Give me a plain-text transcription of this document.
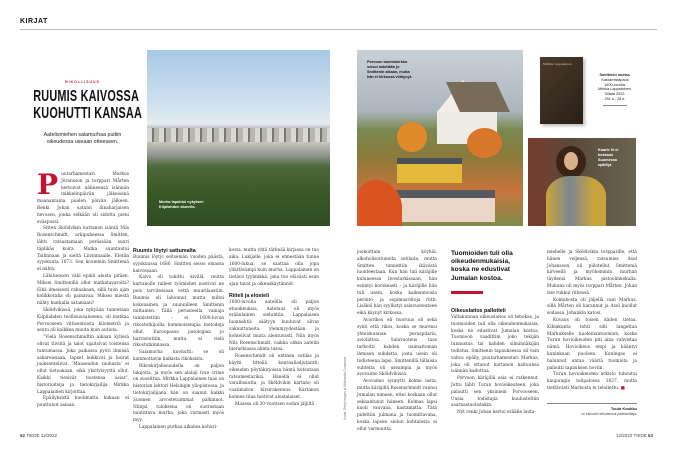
KIRJAT
RIKOLLISUUS
RUUMIS KAIVOSSA
KUOHUTTI KANSAA
Aatelismiehen salamurhaa puitiin oikeudessa useaan otteeseen.
Murha tapahtui nykyisen Kilpilahden alueella.
P uutarhamestari Markus Jöransson ja torppari Mårten kertoivat nähneensä isännän mikkelinpäivän jälkeisenä maanantaina puolen päivän jälkeen. Renki Johan satuloi liinaharjaisen hevosen, jonka selkään oli sidottu pieni eväspussi.

Sitten Sköldvikin kartanon isäntä Nils Rosenschmidt, arkipuheessa Smitten, lähti ratsastamaan perässään suuri täplikäs koira. Matka suuntautui Tallinnaan ja sieltä Liivinmaalle. Eletiin syyskuuta 1673. Sen koommin Smitteniä ei nähty.

Lähitienoon väki epäili alusta pitäen. Miksei Smittenillä ollut matkatavaroita? Eikä ilmeisesti rahaakaan, sillä tuon ajan kolikkoraha oli painavaa. Miksei miestä nähty matkalla satamaan?

Sköldvikissä, joka nykyään tunnetaan Kilpilahden teollisuusalueena, oli matkaa Porvooseen viitisentoista kilometriä ja seutu oli kaikkea muuta kuin autiota.

”Vielä Rosenschmidtin aikaan kylissä olivat tiiviitä ja talot sijaitsivat toistensa tuntumassa. Joka paikassa pyöri ihmisiä askareissaan, lapset leikkivät ja koirat juoksentelivat. ’Maaseudun rauhasta’ ei ollut tietoakaan, eikä yksityisyyttä ollut. Kaikki tiesivät toistensa asiat”, historioitsija ja tietokirjailija Mirkka Lappalainen kirjoittaa.

Epäilyksistä huolimatta kukaan ei puuttunut asiaan.

Ruumis löytyi sattumalta

Ruumis löytyi seitsemän vuoden päästä, syyskuussa 1680. Smitten seisoi omassa kaivossaan.

Kaivo oli tukittu kivillä, mutta kartanolle tulleet työmiehet nostivat ne pois tarvitessaan vettä muurilaastiin. Ruumis oli lahonnut mutta miltei kokonainen ja suunnilleen Smittenin mittainen. Tällä perusteella vainaja tunnistettiin – ei 1600-luvun rikostutkijoilla kummoisempia metodeja ollut. Euroopassa patologiaa jo harrastettiin, mutta ei vielä rikostutkinnassa.

Salamurha kuohutti: se oli kammottavin kaikista rikoksista.

Rikoskirjallisuudella on paljon lukijoita, ja myös sen alalaji true crime on suosittua. Mirkka Lappalainen taas on historian lehtori Helsingin yliopistossa, ja tietokirjailijana hän on saanut kaikki Suomen arvostetuimmat palkinnot. Niinpä tuloksena on suorastaan nautittava murha, joka varmasti myös myy.

Lappalainen purkaa alkansa kohuri-

kosta, mutta yhtä tärkeää kirjassa on tuo aika. Lukijalle, joka ei ennestään tunne 1600-lukua, se saattaa olla jopa yllättävämpi kuin murha. Lappalainen on tietävä tyylinikkä, joka tuo elävästi esiin ajan tavat ja oikeuskäytännöt.

Riiteli ja elosteli

1600-luvulla aatelilla oli paljon etuoikeuksia. Aateluus oli myös eräänlainen sieluntila. Lappalaisen luonnehtii: säätyyn kuuluvat olivat vakuuttuneita ylemmyydestään ja kohtelivat muita alentuvasti. Niin myös Nils Rosenschmidt, vaikka olikin aatelin hierarkiassa alinta tasoa.

Rosenschmidt oli entinen sotilas ja käytti titteliä kenraaliadjutantti; oikeuden pöytäkirjoissa häntä kutsutaan ratsumestariksi. Hänellä ei ollut varallisuutta, ja Sköldvikin kartano oli vaatimaton hirsirakennus. Kartanon kolmea tilaa hoitivat alustalaiset.

Maassa oli 30-vuotisen sodan jäljiltä

62 TIEDE 12/2022
Kuvat: Getty Images ja Wikimedia Commons
Porvoon tuomiokirkko seisoi mäellään jo Smittenin aikaan, mutta hän ei kirkossa viihtynyt.
Mirkka Lappalainen
Smittenin murha.
Katoamistapaus
1600-luvulta.
Mirkka Lappalainen.
Siltala 2022.
251 s., 28 e.
Kaarle XI ei koskaan Suomessa epäillyt.

joukoittain köyhiä, alkoholisoituneita sotilaita, mutta Smitten tunnettiin ikävästä luonteestaan. Kun hän tuli käräjille kuluneessa livestarkissaan, hän esiintyi korskeasti – ja käräjille hän tuli usein, koska kaikenmoisia perintö- ja sopimusriitoja riitti. Lisäksi hän syyllistyi salavuoteuteen eikä käynyt kirkossa.

Aviorikos eli huoruus oli sekä synti että rikos, koska se murensi yhteiskunnan peruspilaria, avioliittoa. Salavuoteus taas tarkoitti kahden naimattoman ihmisen suhdetta, josta usein oli todisteena lapsi. Smittenillä tällaisia suhteita oli useampia ja myös avovaimo Sköldvikissä.

Avovaimo synnytti kolme lasta, mutta käräjillä Rosenschmidt vannoi Jumalan nimeen, ettei koskaan ollut sekaantunut häneen. Kolmas lapsi kuoli vauvana, kastamatta. Tätä pidettiin julmana ja tuomittavana, koska lapsen sielun kohtalosta ei ollut varmuutta.

Tuomioiden tuli olla oikeudenmukaisia, koska ne edustivat Jumalan kostoa.
Oikeuslaitos pallotteli

Valtakunnan oikeuslaitos oli tehokas, ja tuomioiden tuli olla oikeudenmukaisia, koska ne edustivat Jumalan kostoa. Tuomioon vaadittiin joko tekijän tunnustus tai kahden silminnäkijän todistus. Smittenin tapauksessa oli vain vahva epäily, puutarhamestari Markus, joka oli ottanut kartanon haltuunsa isännän kadottua.

Porvoon käräjillä asia ei ratkennut. Juttu lähti Turun hovioikeuteen, joka palautti sen yksiniein Porvooseen. Uusia todistajia kuulusteltiin saarnastuolistakin.

Nyt renki Johan kertoi eräälle lauta-

miehelle ja Sköldvikin torpparille, että hänen veljensä, ratsumies Axel Johansson, oli piilotellut Smitteniä kirveellä ja myöhemmin murhan täydensi Markus pistoolinkekalla. Mukana oli myös torppari Mårten. Johan itse rukkui riihessä.

Kolmikosta oli jäljellä vain Markus, sillä Mårten oli karannut ja Axel kuollut sodassa. Johankin katosi.

Kuvaus oli toisen käden tietoa. Kihlakunta tohti silti langettaa Markukselle kuolemantuomion, koska Turun hovioikeuden piti aina vahvistaa nämä. Hovioikeus empi ja kääntyi kuninkaan puoleen. Kuningas ei halunnut antaa vääriä tuomiota ja palautti tapauksen hoviin.

Turun hovioikeuden arkisto tuhoutui kaupungin tulipalossa 1827, mutta tiettävästi Markusta ei teloitettu. ■

Tuula Koukku
on elokuviin erikoistunut päätoimittaja.
12/2022 TIEDE 63
